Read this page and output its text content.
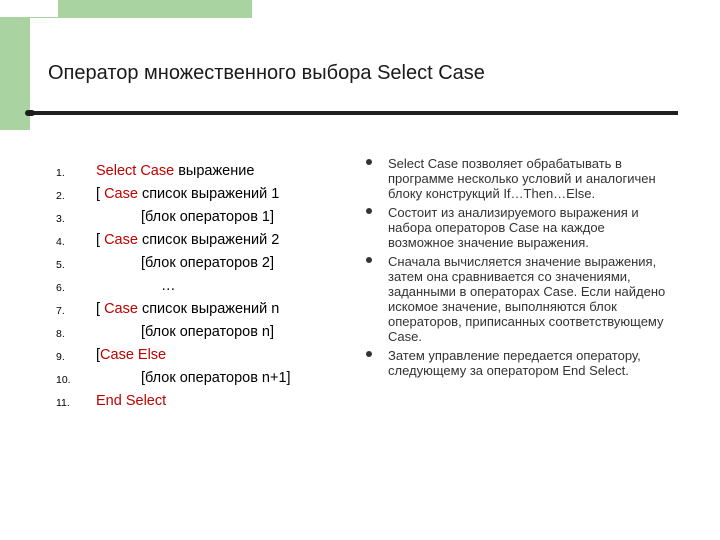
Оператор множественного выбора Select Case
1.	Select Case выражение
2.	[ Case список выражений 1
3.	[блок операторов 1]
4.	[ Case список выражений 2
5.	[блок операторов 2]
6.	…
7.	[ Case список выражений n
8.	[блок операторов n]
9.	[Case Else
10.	[блок операторов n+1]
11.	End Select
Select Case позволяет обрабатывать в программе несколько условий и аналогичен блоку конструкций If…Then…Else.
Состоит из анализируемого выражения и набора операторов Case на каждое возможное значение выражения.
Сначала вычисляется значение выражения, затем она сравнивается со значениями, заданными в операторах Case. Если найдено искомое значение, выполняются блок операторов, приписанных соответствующему Case.
Затем управление передается оператору, следующему за оператором End Select.
